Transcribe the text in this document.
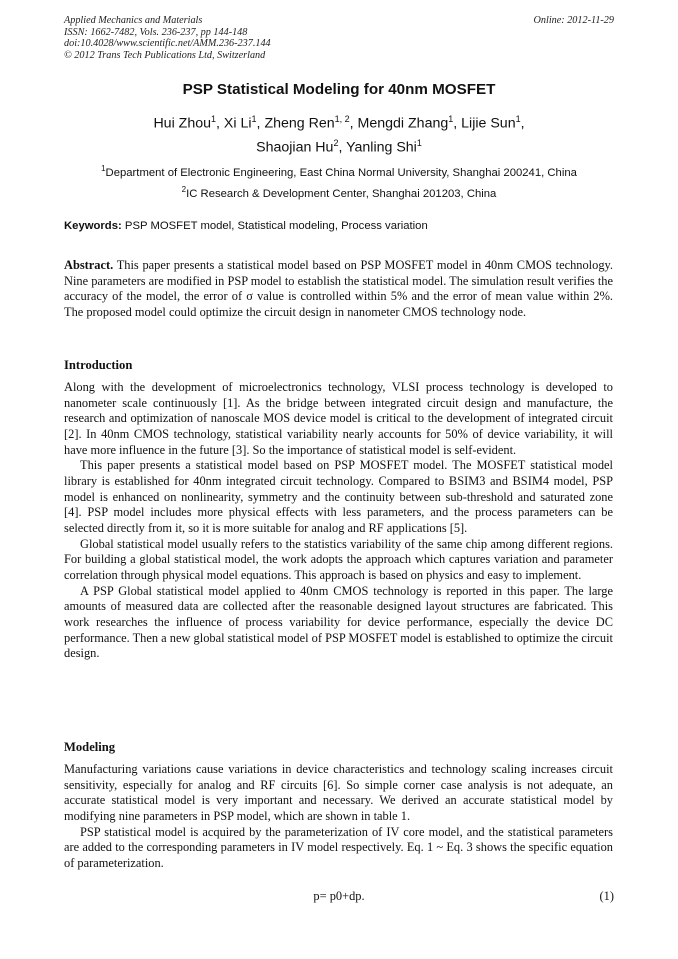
Applied Mechanics and Materials
ISSN: 1662-7482, Vols. 236-237, pp 144-148
doi:10.4028/www.scientific.net/AMM.236-237.144
© 2012 Trans Tech Publications Ltd, Switzerland
Online: 2012-11-29
PSP Statistical Modeling for 40nm MOSFET
Hui Zhou$^1$, Xi Li$^1$, Zheng Ren$^{1, 2}$, Mengdi Zhang$^1$, Lijie Sun$^1$,
Shaojian Hu$^2$, Yanling Shi$^1$
$^1$Department of Electronic Engineering, East China Normal University, Shanghai 200241, China
$^2$IC Research & Development Center, Shanghai 201203, China
Keywords: PSP MOSFET model, Statistical modeling, Process variation
Abstract. This paper presents a statistical model based on PSP MOSFET model in 40nm CMOS technology. Nine parameters are modified in PSP model to establish the statistical model. The simulation result verifies the accuracy of the model, the error of σ value is controlled within 5% and the error of mean value within 2%. The proposed model could optimize the circuit design in nanometer CMOS technology node.
Introduction
Along with the development of microelectronics technology, VLSI process technology is developed to nanometer scale continuously [1]. As the bridge between integrated circuit design and manufacture, the research and optimization of nanoscale MOS device model is critical to the development of integrated circuit [2]. In 40nm CMOS technology, statistical variability nearly accounts for 50% of device variability, it will have more influence in the future [3]. So the importance of statistical model is self-evident.
This paper presents a statistical model based on PSP MOSFET model. The MOSFET statistical model library is established for 40nm integrated circuit technology. Compared to BSIM3 and BSIM4 model, PSP model is enhanced on nonlinearity, symmetry and the continuity between sub-threshold and saturated zone [4]. PSP model includes more physical effects with less parameters, and the process parameters can be selected directly from it, so it is more suitable for analog and RF applications [5].
Global statistical model usually refers to the statistics variability of the same chip among different regions. For building a global statistical model, the work adopts the approach which captures variation and parameter correlation through physical model equations. This approach is based on physics and easy to implement.
A PSP Global statistical model applied to 40nm CMOS technology is reported in this paper. The large amounts of measured data are collected after the reasonable designed layout structures are fabricated. This work researches the influence of process variability for device performance, especially the device DC performance. Then a new global statistical model of PSP MOSFET model is established to optimize the circuit design.
Modeling
Manufacturing variations cause variations in device characteristics and technology scaling increases circuit sensitivity, especially for analog and RF circuits [6]. So simple corner case analysis is not adequate, an accurate statistical model is very important and necessary. We derived an accurate statistical model by modifying nine parameters in PSP model, which are shown in table 1.
PSP statistical model is acquired by the parameterization of IV core model, and the statistical parameters are added to the corresponding parameters in IV model respectively. Eq. 1 ~ Eq. 3 shows the specific equation of parameterization.
p= p0+dp.	(1)
